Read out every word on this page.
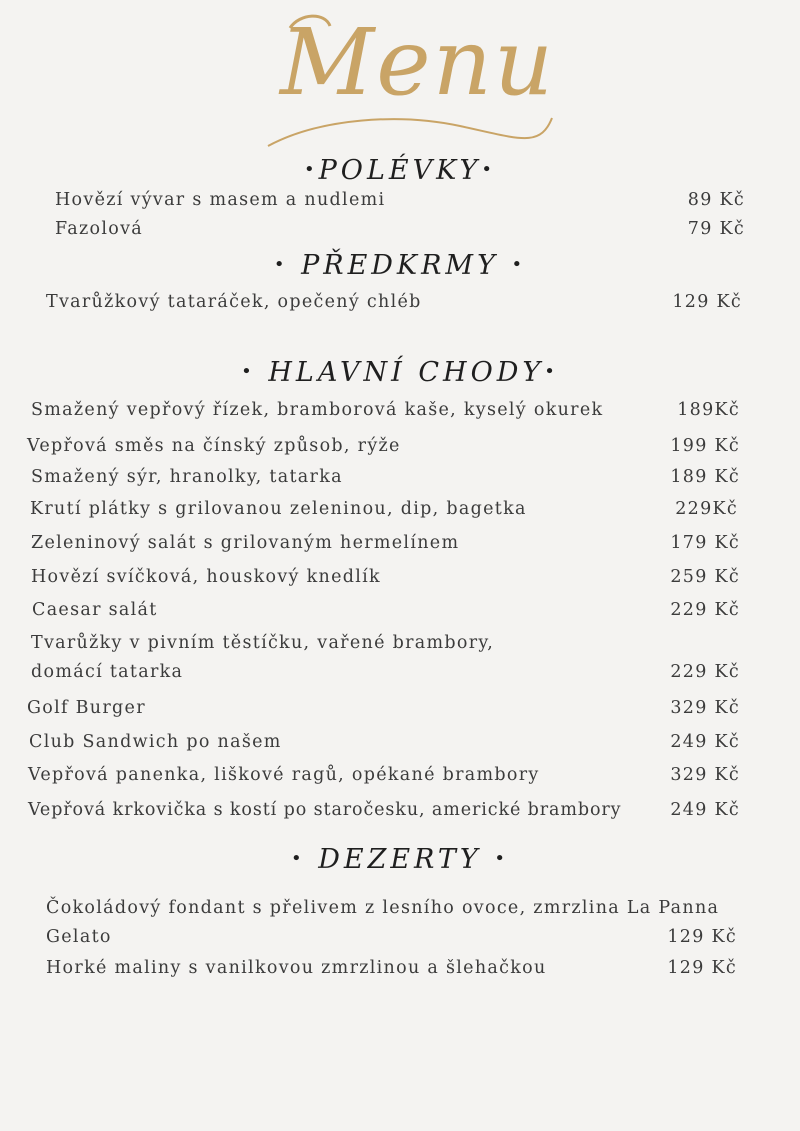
Menu
•POLÉVKY•
Hovězí vývar s masem a nudlemi	89 Kč
Fazolová	79 Kč
• PŘEDKRMY •
Tvarůžkový tataráček, opečený chléb	129 Kč
• HLAVNÍ CHODY•
Smažený vepřový řízek, bramborová kaše, kyselý okurek	189Kč
Vepřová směs na čínský způsob, rýže	199 Kč
Smažený sýr, hranolky, tatarka	189 Kč
Krutí plátky s grilovanou zeleninou, dip, bagetka	229Kč
Zeleninový salát s grilovaným hermelínem	179 Kč
Hovězí svíčková, houskový knedlík	259 Kč
Caesar salát	229 Kč
Tvarůžky v pivním těstíčku, vařené brambory,
domácí tatarka	229 Kč
Golf Burger	329 Kč
Club Sandwich po našem	249 Kč
Vepřová panenka, liškové ragů, opékané brambory	329 Kč
Vepřová krkovička s kostí po staročesku, americké brambory	249 Kč
• DEZERTY •
Čokoládový fondant s přelivem z lesního ovoce, zmrzlina La Panna
Gelato	129 Kč
Horké maliny s vanilkovou zmrzlinou a šlehačkou	129 Kč
